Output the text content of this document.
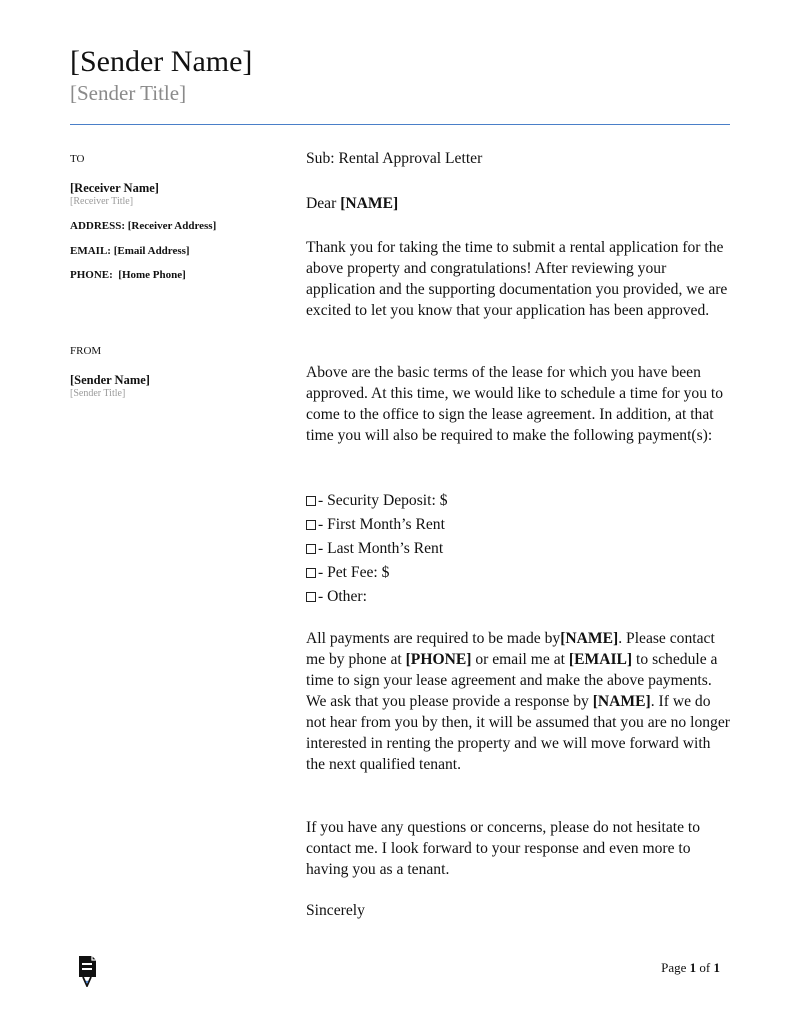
[Sender Name]
[Sender Title]
TO
[Receiver Name]
[Receiver Title]
ADDRESS: [Receiver Address]
EMAIL: [Email Address]
PHONE: [Home Phone]
FROM
[Sender Name]
[Sender Title]
Sub: Rental Approval Letter
Dear [NAME]

Thank you for taking the time to submit a rental application for the above property and congratulations! After reviewing your application and the supporting documentation you provided, we are excited to let you know that your application has been approved.

Above are the basic terms of the lease for which you have been approved. At this time, we would like to schedule a time for you to come to the office to sign the lease agreement. In addition, at that time you will also be required to make the following payment(s):

- Security Deposit: $
- First Month’s Rent
- Last Month’s Rent
- Pet Fee: $
- Other:

All payments are required to be made by[NAME]. Please contact me by phone at [PHONE] or email me at [EMAIL] to schedule a time to sign your lease agreement and make the above payments. We ask that you please provide a response by [NAME]. If we do not hear from you by then, it will be assumed that you are no longer interested in renting the property and we will move forward with the next qualified tenant.

If you have any questions or concerns, please do not hesitate to contact me. I look forward to your response and even more to having you as a tenant.

Sincerely
Page 1 of 1
